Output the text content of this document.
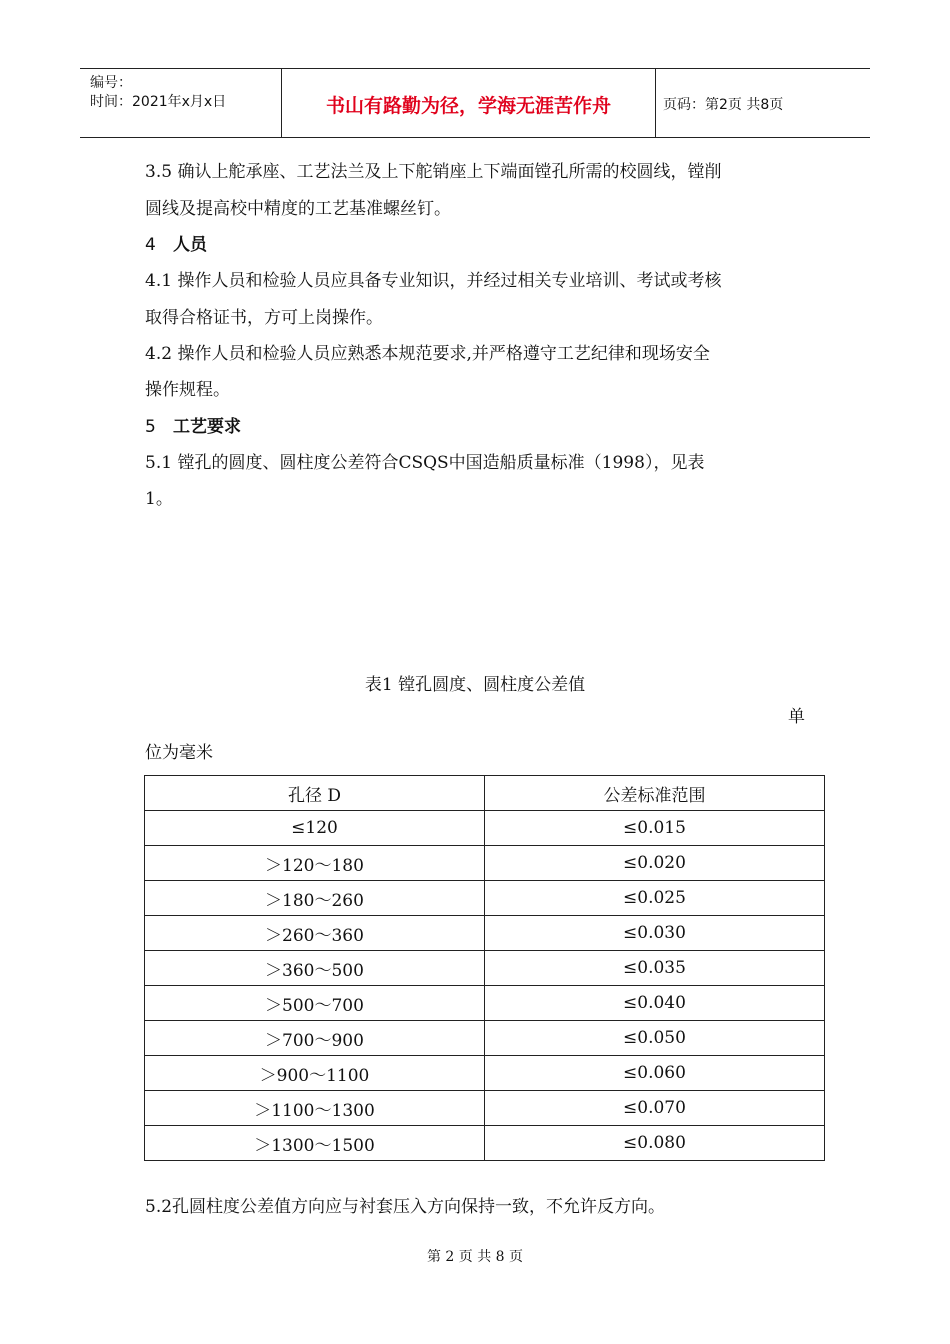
编号：
时间：2021年x月x日	书山有路勤为径，学海无涯苦作舟	页码：第2页 共8页
3.5 确认上舵承座、工艺法兰及上下舵销座上下端面镗孔所需的校圆线，镗削
圆线及提高校中精度的工艺基准螺丝钉。
4 人员
4.1 操作人员和检验人员应具备专业知识，并经过相关专业培训、考试或考核
取得合格证书，方可上岗操作。
4.2 操作人员和检验人员应熟悉本规范要求,并严格遵守工艺纪律和现场安全
操作规程。
5 工艺要求
5.1 镗孔的圆度、圆柱度公差符合CSQS中国造船质量标准（1998），见表
1。
表1 镗孔圆度、圆柱度公差值
单
位为毫米
孔径 D	公差标准范围
≤120	≤0.015
＞120～180	≤0.020
＞180～260	≤0.025
＞260～360	≤0.030
＞360～500	≤0.035
＞500～700	≤0.040
＞700～900	≤0.050
＞900～1100	≤0.060
＞1100～1300	≤0.070
＞1300～1500	≤0.080
5.2孔圆柱度公差值方向应与衬套压入方向保持一致，不允许反方向。
第 2 页 共 8 页
